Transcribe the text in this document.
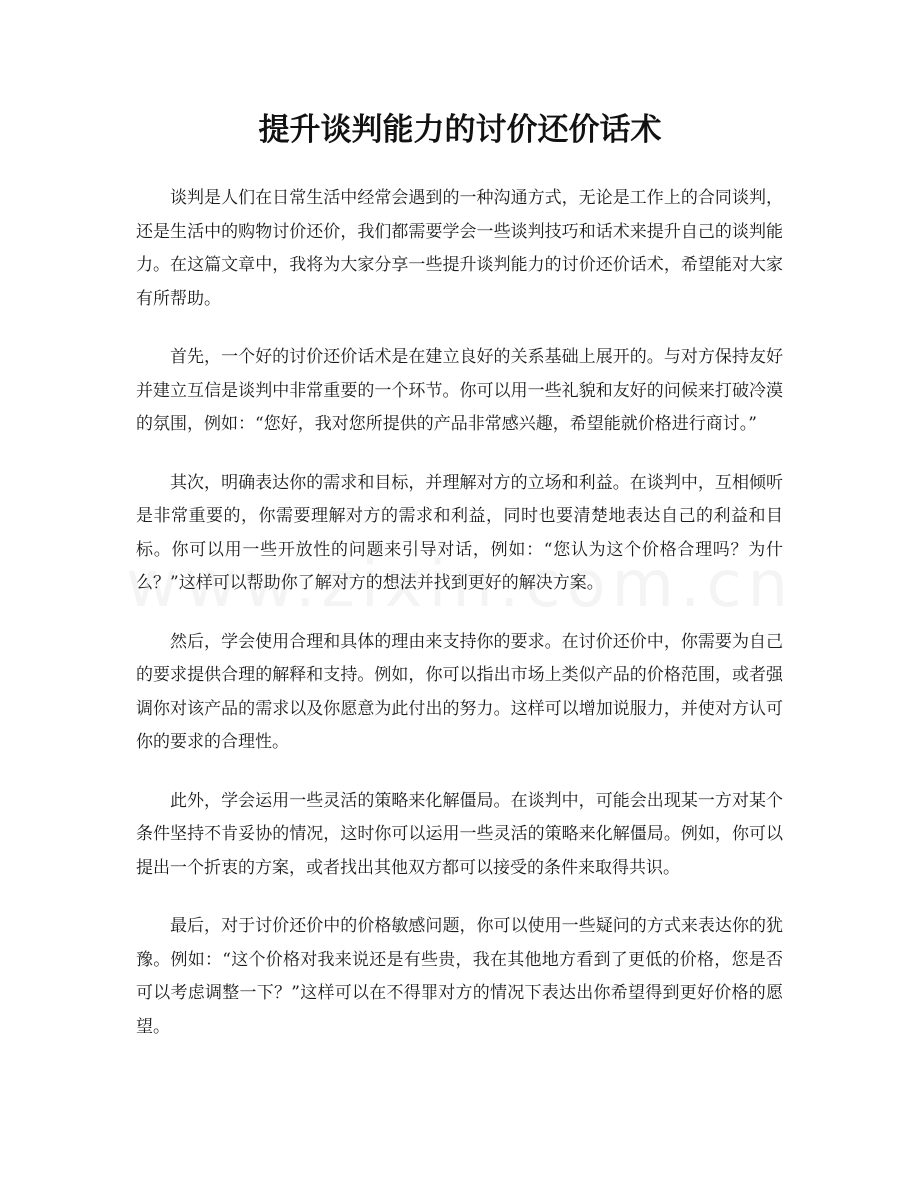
提升谈判能力的讨价还价话术

谈判是人们在日常生活中经常会遇到的一种沟通方式，无论是工作上的合同谈判，还是生活中的购物讨价还价，我们都需要学会一些谈判技巧和话术来提升自己的谈判能力。在这篇文章中，我将为大家分享一些提升谈判能力的讨价还价话术，希望能对大家有所帮助。

首先，一个好的讨价还价话术是在建立良好的关系基础上展开的。与对方保持友好并建立互信是谈判中非常重要的一个环节。你可以用一些礼貌和友好的问候来打破冷漠的氛围，例如：“您好，我对您所提供的产品非常感兴趣，希望能就价格进行商讨。”

其次，明确表达你的需求和目标，并理解对方的立场和利益。在谈判中，互相倾听是非常重要的，你需要理解对方的需求和利益，同时也要清楚地表达自己的利益和目标。你可以用一些开放性的问题来引导对话，例如：“您认为这个价格合理吗？为什么？”这样可以帮助你了解对方的想法并找到更好的解决方案。

然后，学会使用合理和具体的理由来支持你的要求。在讨价还价中，你需要为自己的要求提供合理的解释和支持。例如，你可以指出市场上类似产品的价格范围，或者强调你对该产品的需求以及你愿意为此付出的努力。这样可以增加说服力，并使对方认可你的要求的合理性。

此外，学会运用一些灵活的策略来化解僵局。在谈判中，可能会出现某一方对某个条件坚持不肯妥协的情况，这时你可以运用一些灵活的策略来化解僵局。例如，你可以提出一个折衷的方案，或者找出其他双方都可以接受的条件来取得共识。

最后，对于讨价还价中的价格敏感问题，你可以使用一些疑问的方式来表达你的犹豫。例如：“这个价格对我来说还是有些贵，我在其他地方看到了更低的价格，您是否可以考虑调整一下？”这样可以在不得罪对方的情况下表达出你希望得到更好价格的愿望。
